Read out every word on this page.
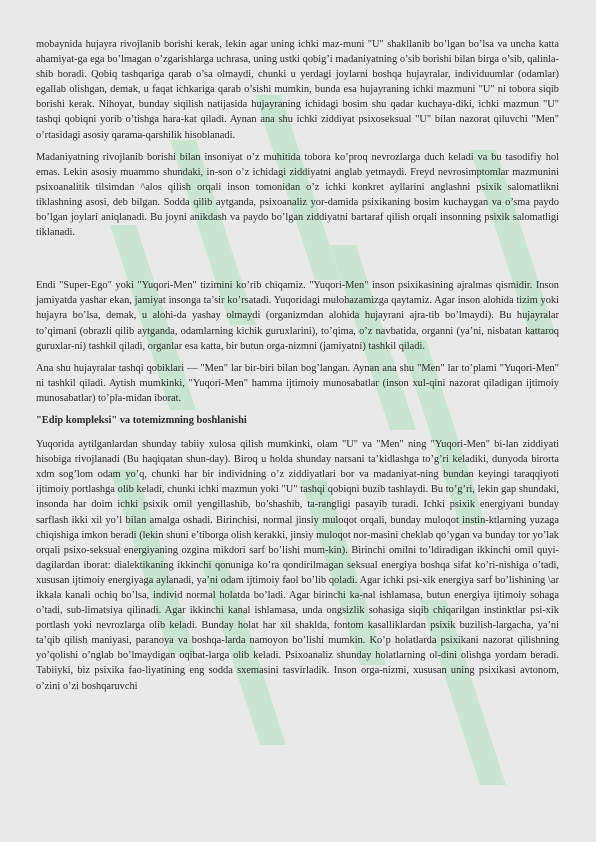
mobaynida hujayra rivojlanib borishi kerak, lekin agar uning ichki maz-muni "U" shakllanib bo’lgan bo’lsa va uncha katta ahamiyat-ga ega bo’lmagan o’zgarishlarga uchrasa, uning ustki qobig’i madaniyatning o’sib borishi bilan birga o’sib, qalinla-shib boradi. Qobiq tashqariga qarab o’sa olmaydi, chunki u yerdagi joylarni boshqa hujayralar, individuumlar (odamlar) egallab olishgan, demak, u faqat ichkariga qarab o’sishi mumkin, bunda esa hujayraning ichki mazmuni "U" ni tobora siqib borishi kerak. Nihoyat, bunday siqilish natijasida hujayraning ichidagi bosim shu qadar kuchaya-diki, ichki mazmun "U" tashqi qobiqni yorib o’tishga hara-kat qiladi. Aynan ana shu ichki ziddiyat psixoseksual "U" bilan nazorat qiluvchi "Men" o’rtasidagi asosiy qarama-qarshilik hisoblanadi.

Madaniyatning rivojlanib borishi bilan insoniyat o’z muhitida tobora ko’proq nevrozlarga duch keladi va bu tasodifiy hol emas. Lekin asosiy muammo shundaki, in-son o’z ichidagi ziddiyatni anglab yetmaydi. Freyd nevrosimptomlar mazmunini psixoanalitik tilsimdan ^alos qilish orqali inson tomonidan o’z ichki konkret ayllarini anglashni psixik salomatlikni tiklashning asosi, deb bilgan. Sodda qilib aytganda, psixoanaliz yor-damida psixikaning bosim kuchaygan va o’sma paydo bo’lgan joylari aniqlanadi. Bu joyni anikdash va paydo bo’lgan ziddiyatni bartaraf qilish orqali insonning psixik salomatligi tiklanadi.

Endi "Super-Ego" yoki "Yuqori-Men" tizimini ko’rib chiqamiz. "Yuqori-Men" inson psixikasining ajralmas qismidir. Inson jamiyatda yashar ekan, jamiyat insonga ta’sir ko’rsatadi. Yuqoridagi mulohazamizga qaytamiz. Agar inson alohida tizim yoki hujayra bo’lsa, demak, u alohi-da yashay olmaydi (organizmdan alohida hujayrani ajra-tib bo’lmaydi). Bu hujayralar to’qimani (obrazli qilib aytganda, odamlarning kichik guruxlarini), to’qima, o’z navbatida, organni (ya’ni, nisbatan kattaroq guruxlar-ni) tashkil qiladi, organlar esa katta, bir butun orga-nizmni (jamiyatni) tashkil qiladi.

Ana shu hujayralar tashqi qobiklari — "Men" lar bir-biri bilan bog’langan. Aynan ana shu "Men" lar to’plami "Yuqori-Men" ni tashkil qiladi. Aytish mumkinki, "Yuqori-Men" hamma ijtimoiy munosabatlar (inson xul-qini nazorat qiladigan ijtimoiy munosabatlar) to’pla-midan iborat.

"Edip kompleksi" va totemizmning boshlanishi

Yuqorida aytilganlardan shunday tabiiy xulosa qilish mumkinki, olam "U" va "Men" ning "Yuqori-Men" bi-lan ziddiyati hisobiga rivojlanadi (Bu haqiqatan shun-day). Biroq u holda shunday narsani ta’kidlashga to’g’ri keladiki, dunyoda birorta xdm sog’lom odam yo’q, chunki har bir individning o’z ziddiyatlari bor va madaniyat-ning bundan keyingi taraqqiyoti ijtimoiy portlashga olib keladi, chunki ichki mazmun yoki "U" tashqi qobiqni buzib tashlaydi. Bu to’g’ri, lekin gap shundaki, insonda har doim ichki psixik omil yengillashib, bo’shashib, ta-rangligi pasayib turadi. Ichki psixik energiyani bunday sarflash ikki xil yo’l bilan amalga oshadi. Birinchisi, normal jinsiy muloqot orqali, bunday muloqot instin-ktlarning yuzaga chiqishiga imkon beradi (lekin shuni e’tiborga olish kerakki, jinsiy muloqot nor-masini cheklab qo’ygan va bunday tor yo’lak orqali psixo-seksual energiyaning ozgina mikdori sarf bo’lishi mum-kin). Birinchi omilni to’ldiradigan ikkinchi omil quyi-dagilardan iborat: dialektikaning ikkinchi qonuniga ko’ra qondirilmagan seksual energiya boshqa sifat ko’ri-nishiga o’tadi, xususan ijtimoiy energiyaga aylanadi, ya’ni odam ijtimoiy faol bo’lib qoladi. Agar ichki psi-xik energiya sarf bo’lishining \ar ikkala kanali ochiq bo’lsa, individ normal holatda bo’ladi. Agar birinchi ka-nal ishlamasa, butun energiya ijtimoiy sohaga o’tadi, sub-limatsiya qilinadi. Agar ikkinchi kanal ishlamasa, unda ongsizlik sohasiga siqib chiqarilgan instinktlar psi-xik portlash yoki nevrozlarga olib keladi. Bunday holat har xil shaklda, fontom kasalliklardan psixik buzilish-largacha, ya’ni ta’qib qilish maniyasi, paranoya va boshqa-larda namoyon bo’lishi mumkin. Ko’p holatlarda psixikani nazorat qilishning yo’qolishi o’nglab bo’lmaydigan oqibat-larga olib keladi. Psixoanaliz shunday holatlarning ol-dini olishga yordam beradi. Tabiiyki, biz psixika fao-liyatining eng sodda sxemasini tasvirladik. Inson orga-nizmi, xususan uning psixikasi avtonom, o’zini o’zi boshqaruvchi
